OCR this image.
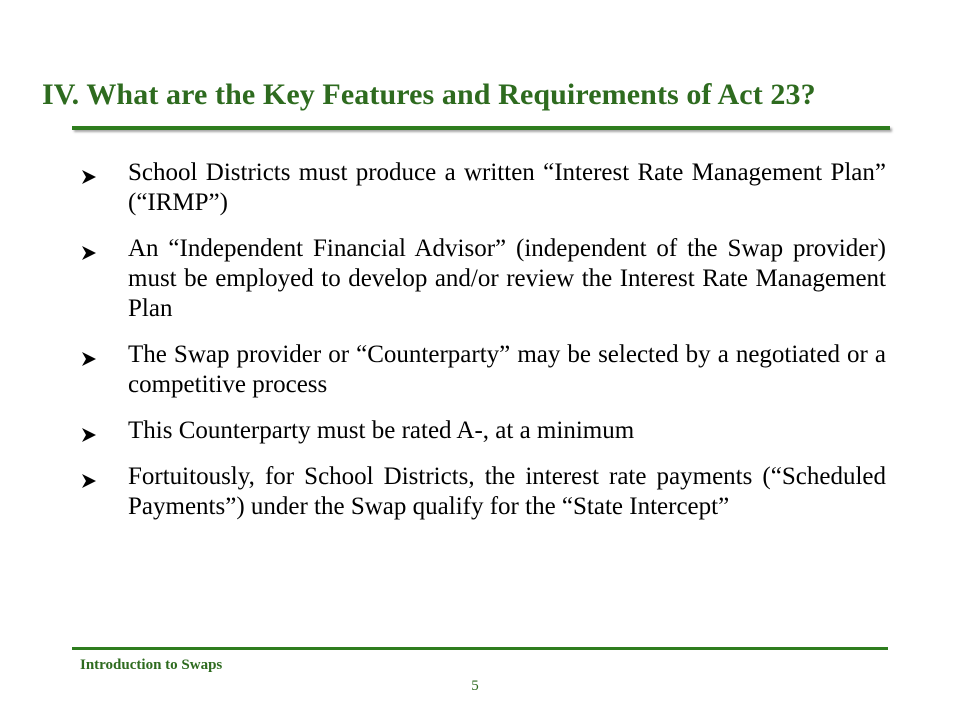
IV. What are the Key Features and Requirements of Act 23?
School Districts must produce a written “Interest Rate Management Plan” (“IRMP”)
An “Independent Financial Advisor” (independent of the Swap provider) must be employed to develop and/or review the Interest Rate Management Plan
The Swap provider or “Counterparty” may be selected by a negotiated or a competitive process
This Counterparty must be rated A-, at a minimum
Fortuitously, for School Districts, the interest rate payments (“Scheduled Payments”) under the Swap qualify for the “State Intercept”
Introduction to Swaps
5
